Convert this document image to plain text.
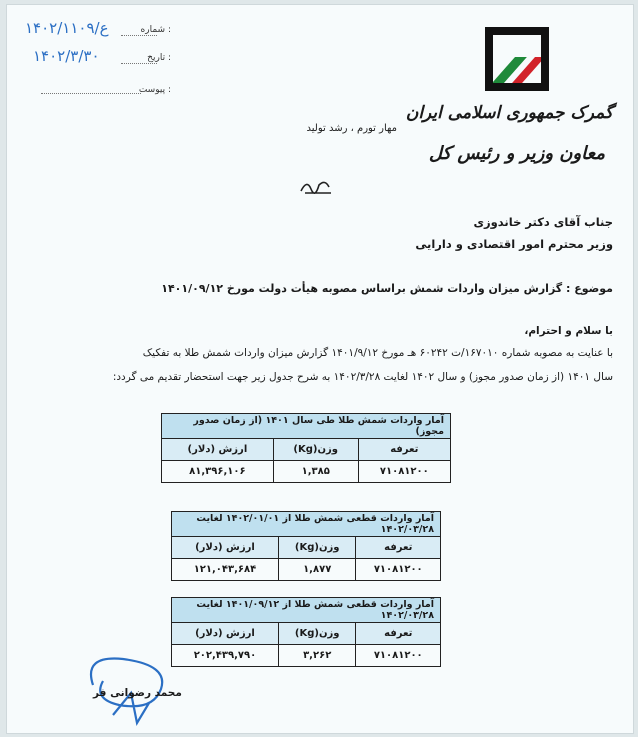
۱۴۰۲/۱۱۰۹/ع	شماره :
۱۴۰۲/۳/۳۰	تاریخ :
پیوست :
گمرک جمهوری اسلامی ایران
معاون وزیر و رئیس کل
مهار تورم ، رشد تولید
جناب آقای دکتر خاندوزی
وزیر محترم امور اقتصادی و دارایی
موضوع : گزارش میزان واردات شمش براساس مصوبه هیأت دولت مورخ ۱۴۰۱/۰۹/۱۲
با سلام و احترام،
با عنایت به مصوبه شماره ۱۶۷۰۱۰/ت ۶۰۲۴۲ هـ مورخ ۱۴۰۱/۹/۱۲ گزارش میزان واردات شمش طلا به تفکیک
سال ۱۴۰۱ (از زمان صدور مجوز) و سال ۱۴۰۲ لغایت ۱۴۰۲/۳/۲۸ به شرح جدول زیر جهت استحضار تقدیم می گردد:
آمار واردات شمش طلا طی سال ۱۴۰۱ (از زمان صدور مجوز)		
تعرفه	وزن(Kg)	ارزش (دلار)
۷۱۰۸۱۲۰۰	۱,۳۸۵	۸۱,۳۹۶,۱۰۶
آمار واردات قطعی شمش طلا از ۱۴۰۲/۰۱/۰۱ لغایت ۱۴۰۲/۰۳/۲۸		
تعرفه	وزن(Kg)	ارزش (دلار)
۷۱۰۸۱۲۰۰	۱,۸۷۷	۱۲۱,۰۴۳,۶۸۴
آمار واردات قطعی شمش طلا از ۱۴۰۱/۰۹/۱۲ لغایت ۱۴۰۲/۰۳/۲۸		
تعرفه	وزن(Kg)	ارزش (دلار)
۷۱۰۸۱۲۰۰	۳,۲۶۲	۲۰۲,۴۳۹,۷۹۰
محمد رضوانی فر
